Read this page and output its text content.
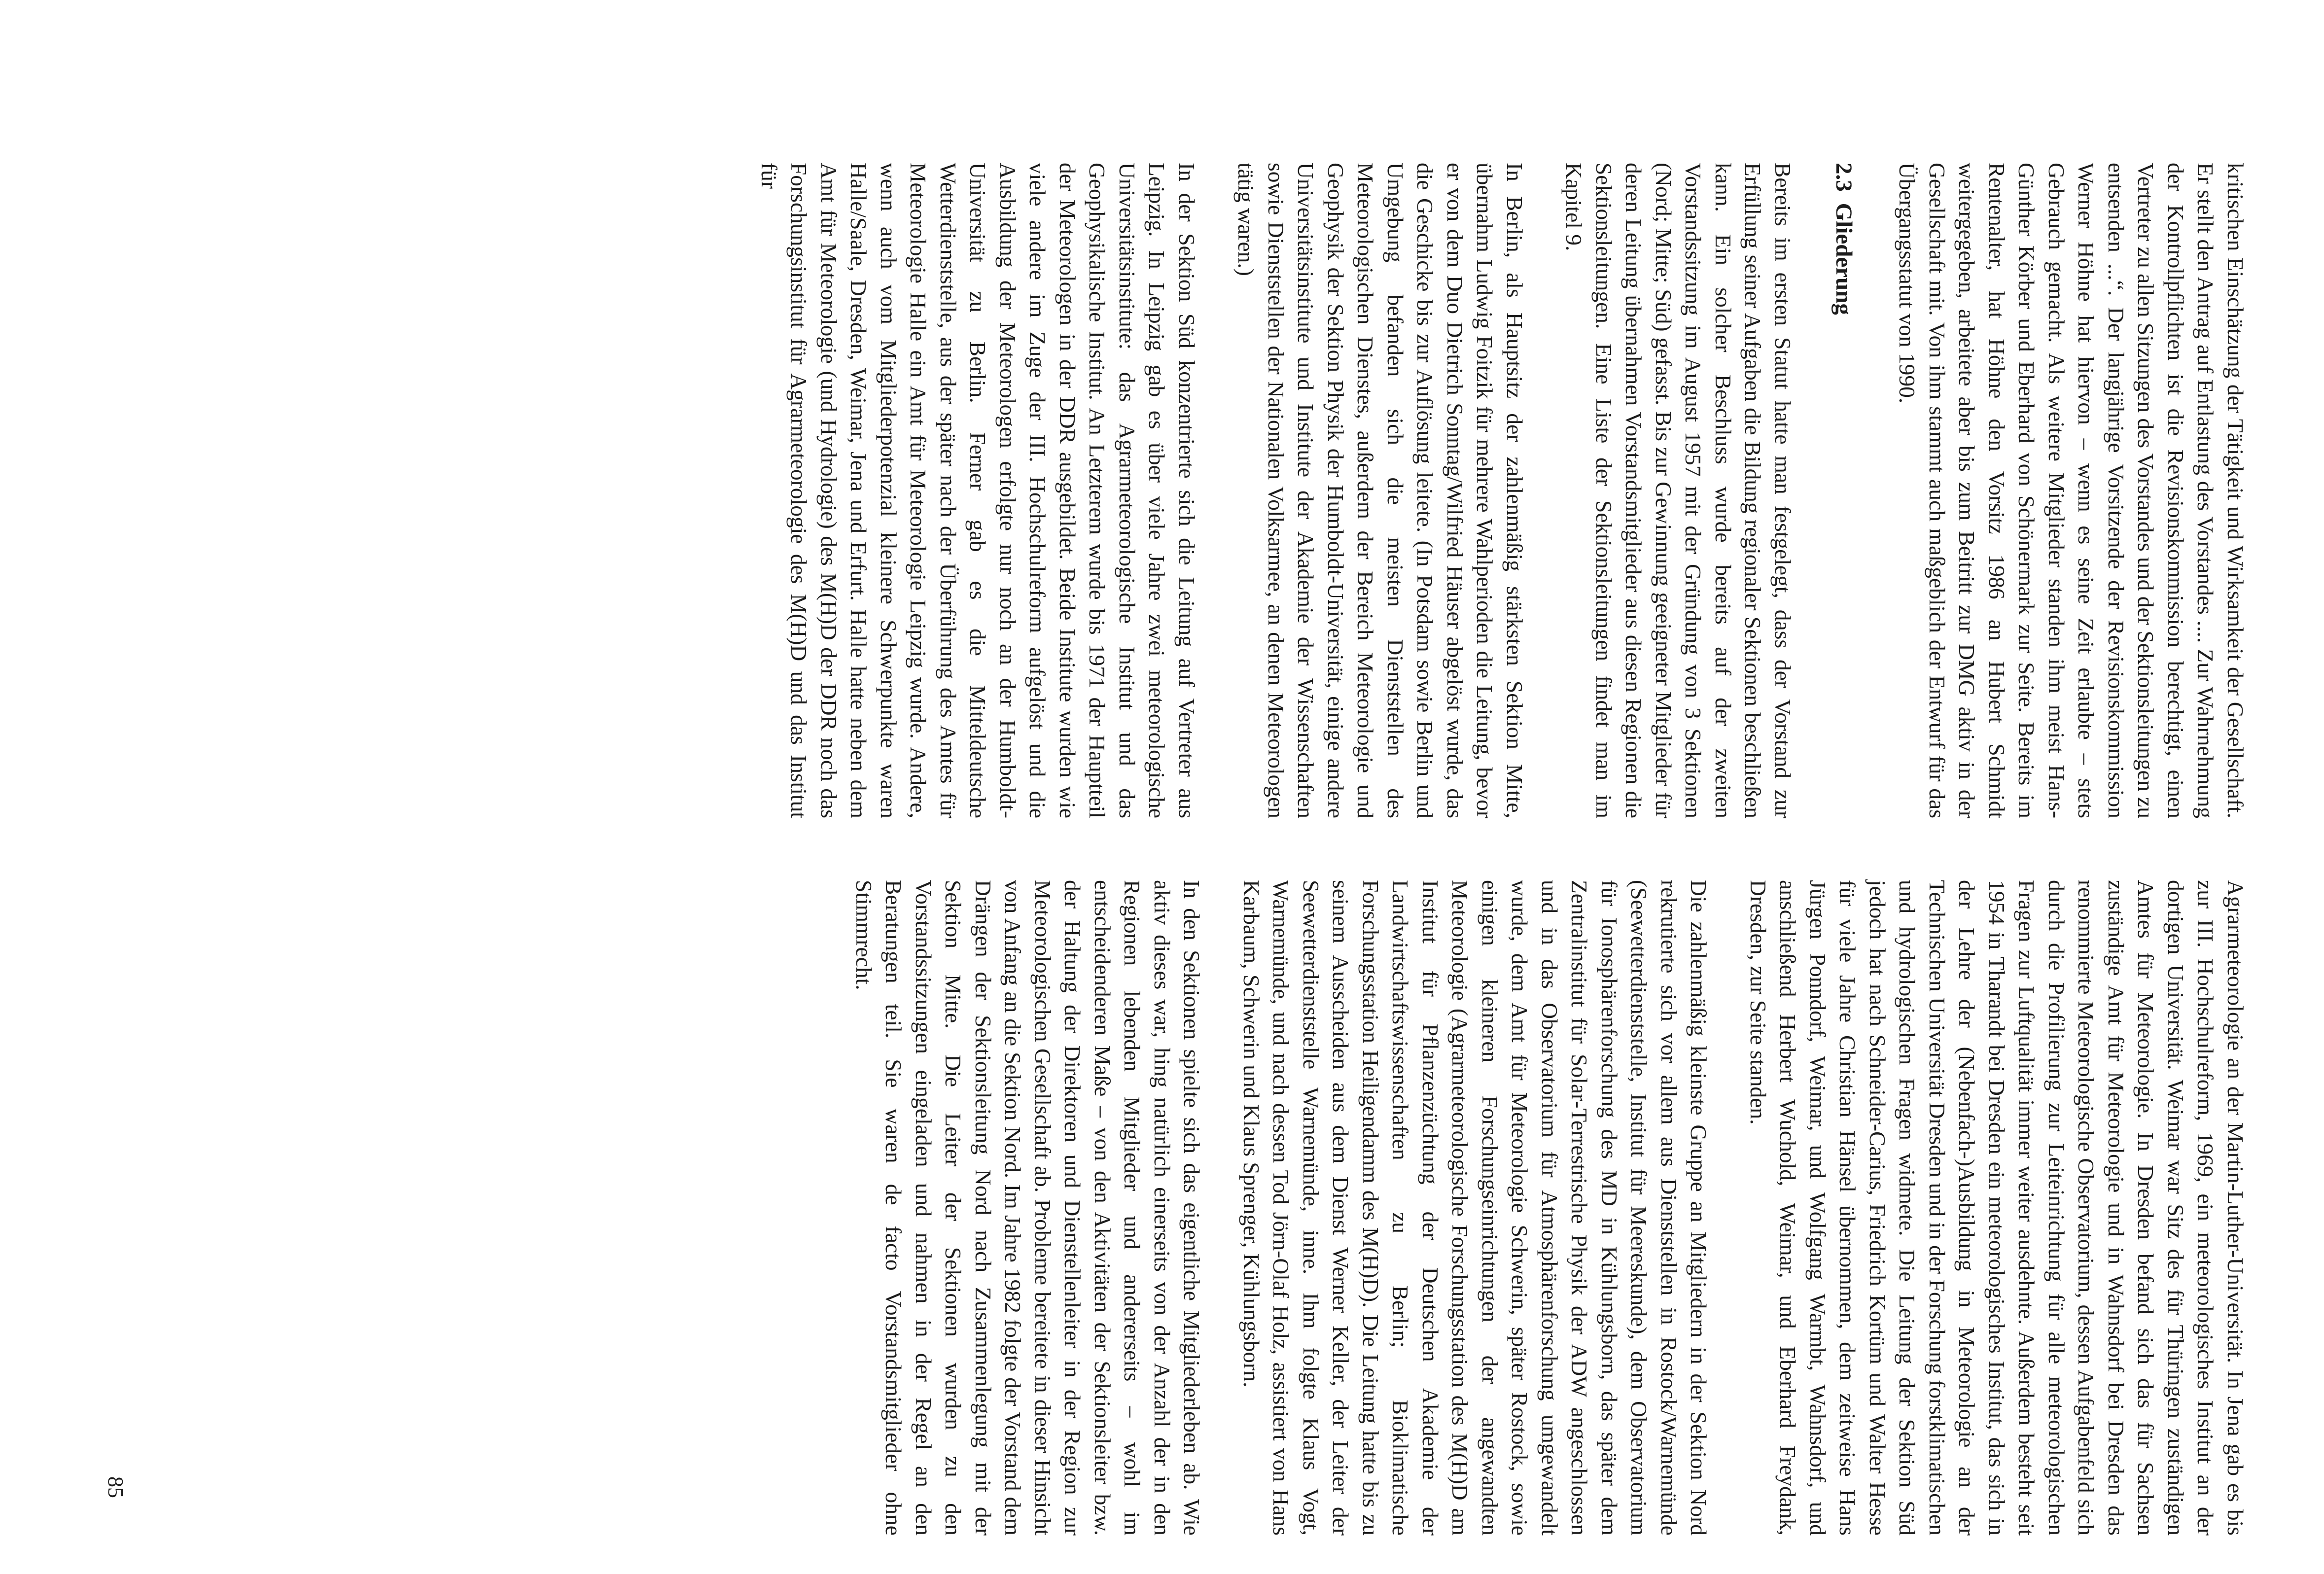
kritischen Einschätzung der Tätigkeit und Wirksamkeit der Gesellschaft. Er stellt den Antrag auf Entlastung des Vorstandes .... Zur Wahrnehmung der Kontrollpflichten ist die Revisionskommission berechtigt, einen Vertreter zu allen Sitzungen des Vorstandes und der Sektionsleitungen zu entsenden ...“. Der langjährige Vorsitzende der Revisionskommission Werner Höhne hat hiervon – wenn es seine Zeit erlaubte – stets Gebrauch gemacht. Als weitere Mitglieder standen ihm meist Hans-Günther Körber und Eberhard von Schönermark zur Seite. Bereits im Rentenalter, hat Höhne den Vorsitz 1986 an Hubert Schmidt weitergegeben, arbeitete aber bis zum Beitritt zur DMG aktiv in der Gesellschaft mit. Von ihm stammt auch maßgeblich der Entwurf für das Übergangsstatut von 1990.

2.3 Gliederung

Bereits im ersten Statut hatte man festgelegt, dass der Vorstand zur Erfüllung seiner Aufgaben die Bildung regionaler Sektionen beschließen kann. Ein solcher Beschluss wurde bereits auf der zweiten Vorstandssitzung im August 1957 mit der Gründung von 3 Sektionen (Nord; Mitte; Süd) gefasst. Bis zur Gewinnung geeigneter Mitglieder für deren Leitung übernahmen Vorstandsmitglieder aus diesen Regionen die Sektionsleitungen. Eine Liste der Sektionsleitungen findet man im Kapitel 9.

In Berlin, als Hauptsitz der zahlenmäßig stärksten Sektion Mitte, übernahm Ludwig Foitzik für mehrere Wahlperioden die Leitung, bevor er von dem Duo Dietrich Sonntag/Wilfried Häuser abgelöst wurde, das die Geschicke bis zur Auflösung leitete. (In Potsdam sowie Berlin und Umgebung befanden sich die meisten Dienststellen des Meteorologischen Dienstes, außerdem der Bereich Meteorologie und Geophysik der Sektion Physik der Humboldt-Universität, einige andere Universitätsinstitute und Institute der Akademie der Wissenschaften sowie Dienststellen der Nationalen Volksarmee, an denen Meteorologen tätig waren.)

In der Sektion Süd konzentrierte sich die Leitung auf Vertreter aus Leipzig. In Leipzig gab es über viele Jahre zwei meteorologische Universitätsinstitute: das Agrarmeteorologische Institut und das Geophysikalische Institut. An Letzterem wurde bis 1971 der Hauptteil der Meteorologen in der DDR ausgebildet. Beide Institute wurden wie viele andere im Zuge der III. Hochschulreform aufgelöst und die Ausbildung der Meteorologen erfolgte nur noch an der Humboldt-Universität zu Berlin. Ferner gab es die Mitteldeutsche Wetterdienststelle, aus der später nach der Überführung des Amtes für Meteorologie Halle ein Amt für Meteorologie Leipzig wurde. Andere, wenn auch vom Mitgliederpotenzial kleinere Schwerpunkte waren Halle/Saale, Dresden, Weimar, Jena und Erfurt. Halle hatte neben dem Amt für Meteorologie (und Hydrologie) des M(H)D der DDR noch das Forschungsinstitut für Agrarmeteorologie des M(H)D und das Institut für

Agrarmeteorologie an der Martin-Luther-Universität. In Jena gab es bis zur III. Hochschulreform, 1969, ein meteorologisches Institut an der dortigen Universität. Weimar war Sitz des für Thüringen zuständigen Amtes für Meteorologie. In Dresden befand sich das für Sachsen zuständige Amt für Meteorologie und in Wahnsdorf bei Dresden das renommierte Meteorologische Observatorium, dessen Aufgabenfeld sich durch die Profilierung zur Leiteinrichtung für alle meteorologischen Fragen zur Luftqualität immer weiter ausdehnte. Außerdem besteht seit 1954 in Tharandt bei Dresden ein meteorologisches Institut, das sich in der Lehre der (Nebenfach-)Ausbildung in Meteorologie an der Technischen Universität Dresden und in der Forschung forstklimatischen und hydrologischen Fragen widmete. Die Leitung der Sektion Süd jedoch hat nach Schneider-Carius, Friedrich Kortüm und Walter Hesse für viele Jahre Christian Hänsel übernommen, dem zeitweise Hans Jürgen Ponndorf, Weimar, und Wolfgang Warmbt, Wahnsdorf, und anschließend Herbert Wuchold, Weimar, und Eberhard Freydank, Dresden, zur Seite standen.

Die zahlenmäßig kleinste Gruppe an Mitgliedern in der Sektion Nord rekrutierte sich vor allem aus Dienststellen in Rostock/Warnemünde (Seewetterdienststelle, Institut für Meereskunde), dem Observatorium für Ionosphärenforschung des MD in Kühlungsborn, das später dem Zentralinstitut für Solar-Terrestrische Physik der ADW angeschlossen und in das Observatorium für Atmosphärenforschung umgewandelt wurde, dem Amt für Meteorologie Schwerin, später Rostock, sowie einigen kleineren Forschungseinrichtungen der angewandten Meteorologie (Agrarmeteorologische Forschungsstation des M(H)D am Institut für Pflanzenzüchtung der Deutschen Akademie der Landwirtschaftswissenschaften zu Berlin; Bioklimatische Forschungsstation Heiligendamm des M(H)D). Die Leitung hatte bis zu seinem Ausscheiden aus dem Dienst Werner Keller, der Leiter der Seewetterdienststelle Warnemünde, inne. Ihm folgte Klaus Vogt, Warnemünde, und nach dessen Tod Jörn-Olaf Holz, assistiert von Hans Karbaum, Schwerin und Klaus Sprenger, Kühlungsborn.

In den Sektionen spielte sich das eigentliche Mitgliederleben ab. Wie aktiv dieses war, hing natürlich einerseits von der Anzahl der in den Regionen lebenden Mitglieder und andererseits – wohl im entscheidenderen Maße – von den Aktivitäten der Sektionsleiter bzw. der Haltung der Direktoren und Dienstellenleiter in der Region zur Meteorologischen Gesellschaft ab. Probleme bereitete in dieser Hinsicht von Anfang an die Sektion Nord. Im Jahre 1982 folgte der Vorstand dem Drängen der Sektionsleitung Nord nach Zusammenlegung mit der Sektion Mitte. Die Leiter der Sektionen wurden zu den Vorstandssitzungen eingeladen und nahmen in der Regel an den Beratungen teil. Sie waren de facto Vorstandsmitglieder ohne Stimmrecht.

85
